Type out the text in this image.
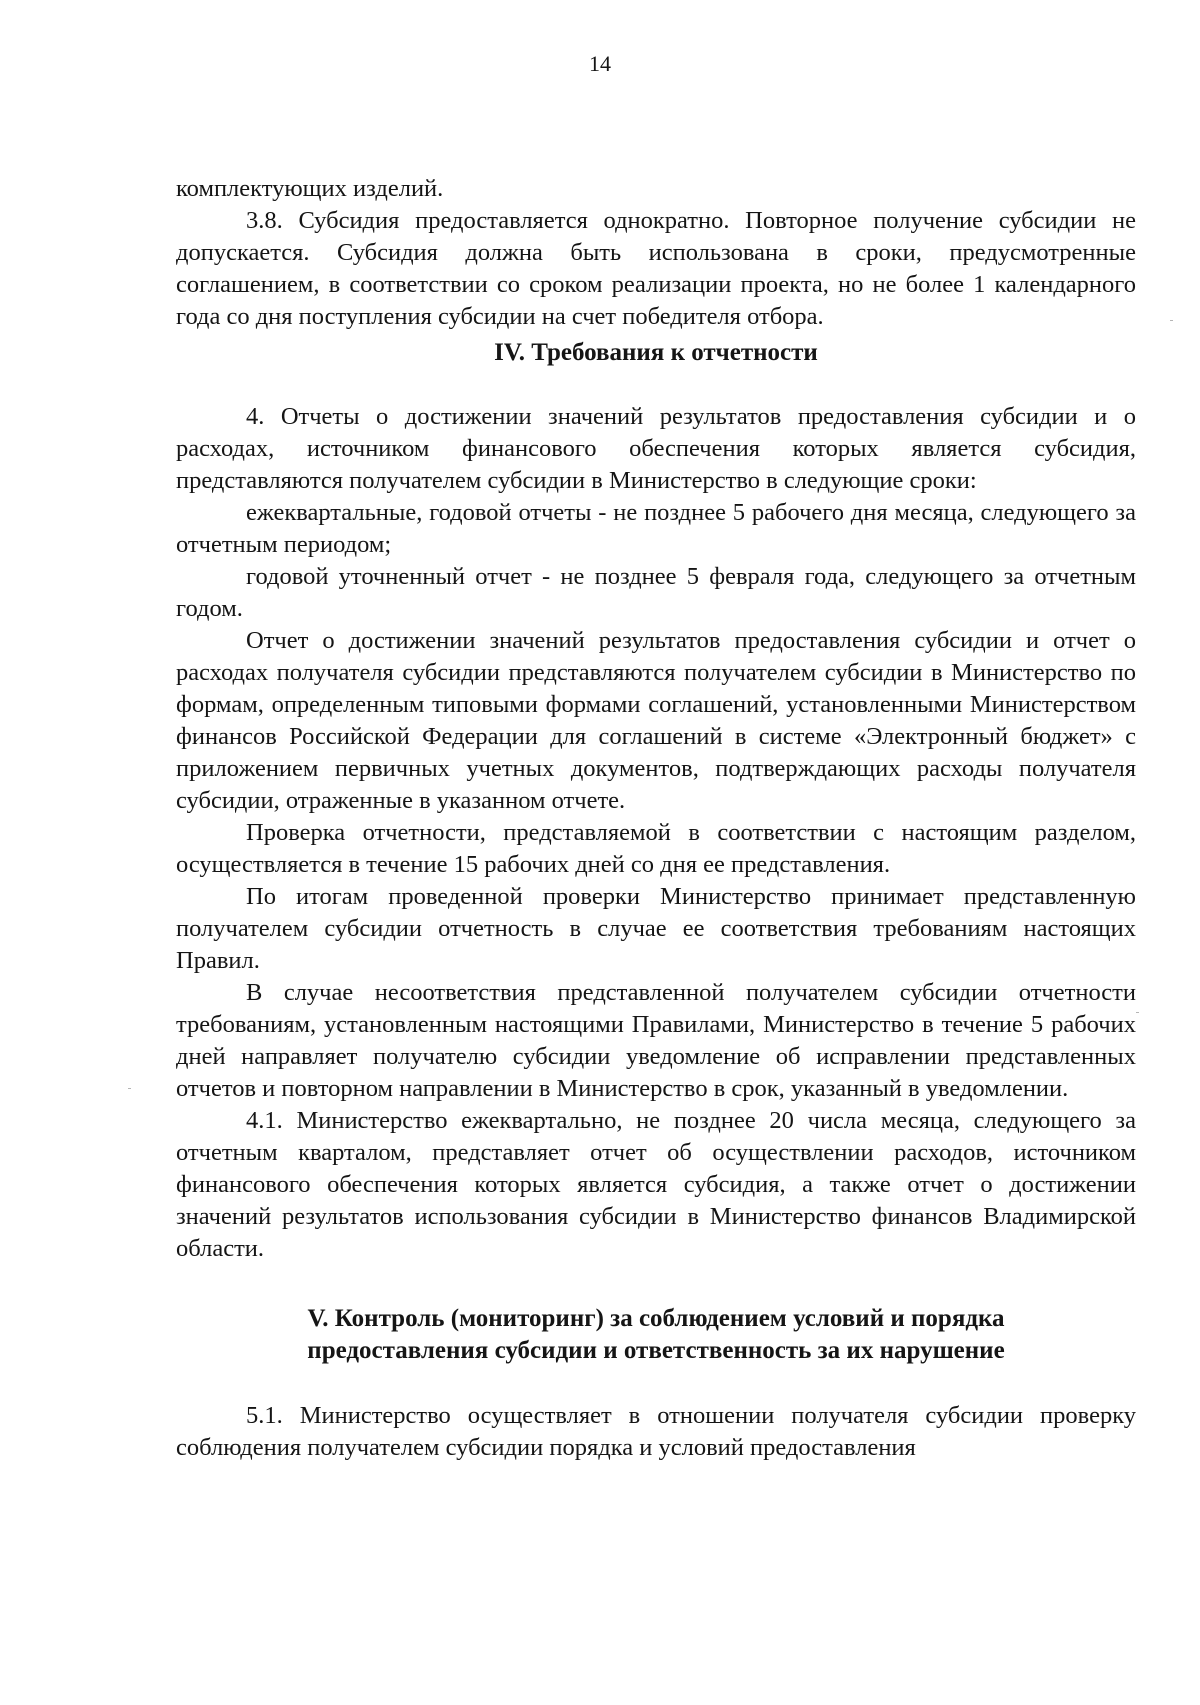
14

комплектующих изделий.

3.8. Субсидия предоставляется однократно. Повторное получение субсидии не допускается. Субсидия должна быть использована в сроки, предусмотренные соглашением, в соответствии со сроком реализации проекта, но не более 1 календарного года со дня поступления субсидии на счет победителя отбора.

IV. Требования к отчетности

4. Отчеты о достижении значений результатов предоставления субсидии и о расходах, источником финансового обеспечения которых является субсидия, представляются получателем субсидии в Министерство в следующие сроки:

ежеквартальные, годовой отчеты - не позднее 5 рабочего дня месяца, следующего за отчетным периодом;

годовой уточненный отчет - не позднее 5 февраля года, следующего за отчетным годом.

Отчет о достижении значений результатов предоставления субсидии и отчет о расходах получателя субсидии представляются получателем субсидии в Министерство по формам, определенным типовыми формами соглашений, установленными Министерством финансов Российской Федерации для соглашений в системе «Электронный бюджет» с приложением первичных учетных документов, подтверждающих расходы получателя субсидии, отраженные в указанном отчете.

Проверка отчетности, представляемой в соответствии с настоящим разделом, осуществляется в течение 15 рабочих дней со дня ее представления.

По итогам проведенной проверки Министерство принимает представленную получателем субсидии отчетность в случае ее соответствия требованиям настоящих Правил.

В случае несоответствия представленной получателем субсидии отчетности требованиям, установленным настоящими Правилами, Министерство в течение 5 рабочих дней направляет получателю субсидии уведомление об исправлении представленных отчетов и повторном направлении в Министерство в срок, указанный в уведомлении.

4.1. Министерство ежеквартально, не позднее 20 числа месяца, следующего за отчетным кварталом, представляет отчет об осуществлении расходов, источником финансового обеспечения которых является субсидия, а также отчет о достижении значений результатов использования субсидии в Министерство финансов Владимирской области.

V. Контроль (мониторинг) за соблюдением условий и порядка
предоставления субсидии и ответственность за их нарушение

5.1. Министерство осуществляет в отношении получателя субсидии проверку соблюдения получателем субсидии порядка и условий предоставления
